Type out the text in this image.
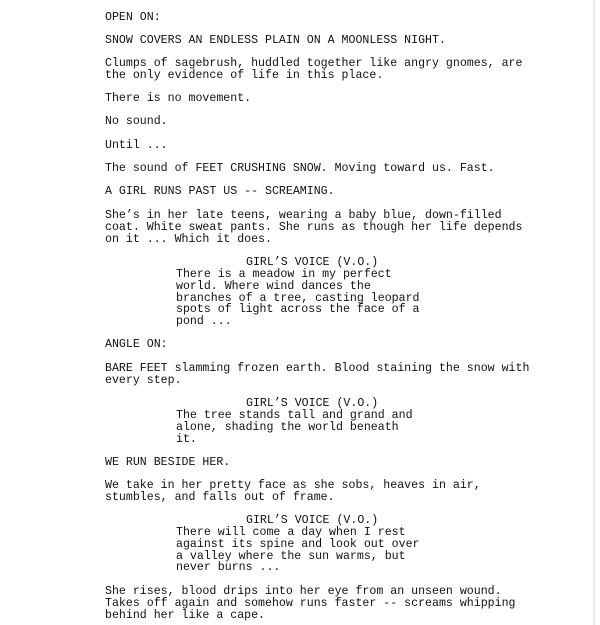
OPEN ON:

SNOW COVERS AN ENDLESS PLAIN ON A MOONLESS NIGHT.

Clumps of sagebrush, huddled together like angry gnomes, are
the only evidence of life in this place.

There is no movement.

No sound.

Until ...

The sound of FEET CRUSHING SNOW. Moving toward us. Fast.

A GIRL RUNS PAST US -- SCREAMING.

She’s in her late teens, wearing a baby blue, down-filled
coat. White sweat pants. She runs as though her life depends
on it ... Which it does.

GIRL’S VOICE (V.O.)

There is a meadow in my perfect
world. Where wind dances the
branches of a tree, casting leopard
spots of light across the face of a
pond ...

ANGLE ON:

BARE FEET slamming frozen earth. Blood staining the snow with
every step.

GIRL’S VOICE (V.O.)

The tree stands tall and grand and
alone, shading the world beneath
it.

WE RUN BESIDE HER.

We take in her pretty face as she sobs, heaves in air,
stumbles, and falls out of frame.

GIRL’S VOICE (V.O.)

There will come a day when I rest
against its spine and look out over
a valley where the sun warms, but
never burns ...

She rises, blood drips into her eye from an unseen wound.
Takes off again and somehow runs faster -- screams whipping
behind her like a cape.
